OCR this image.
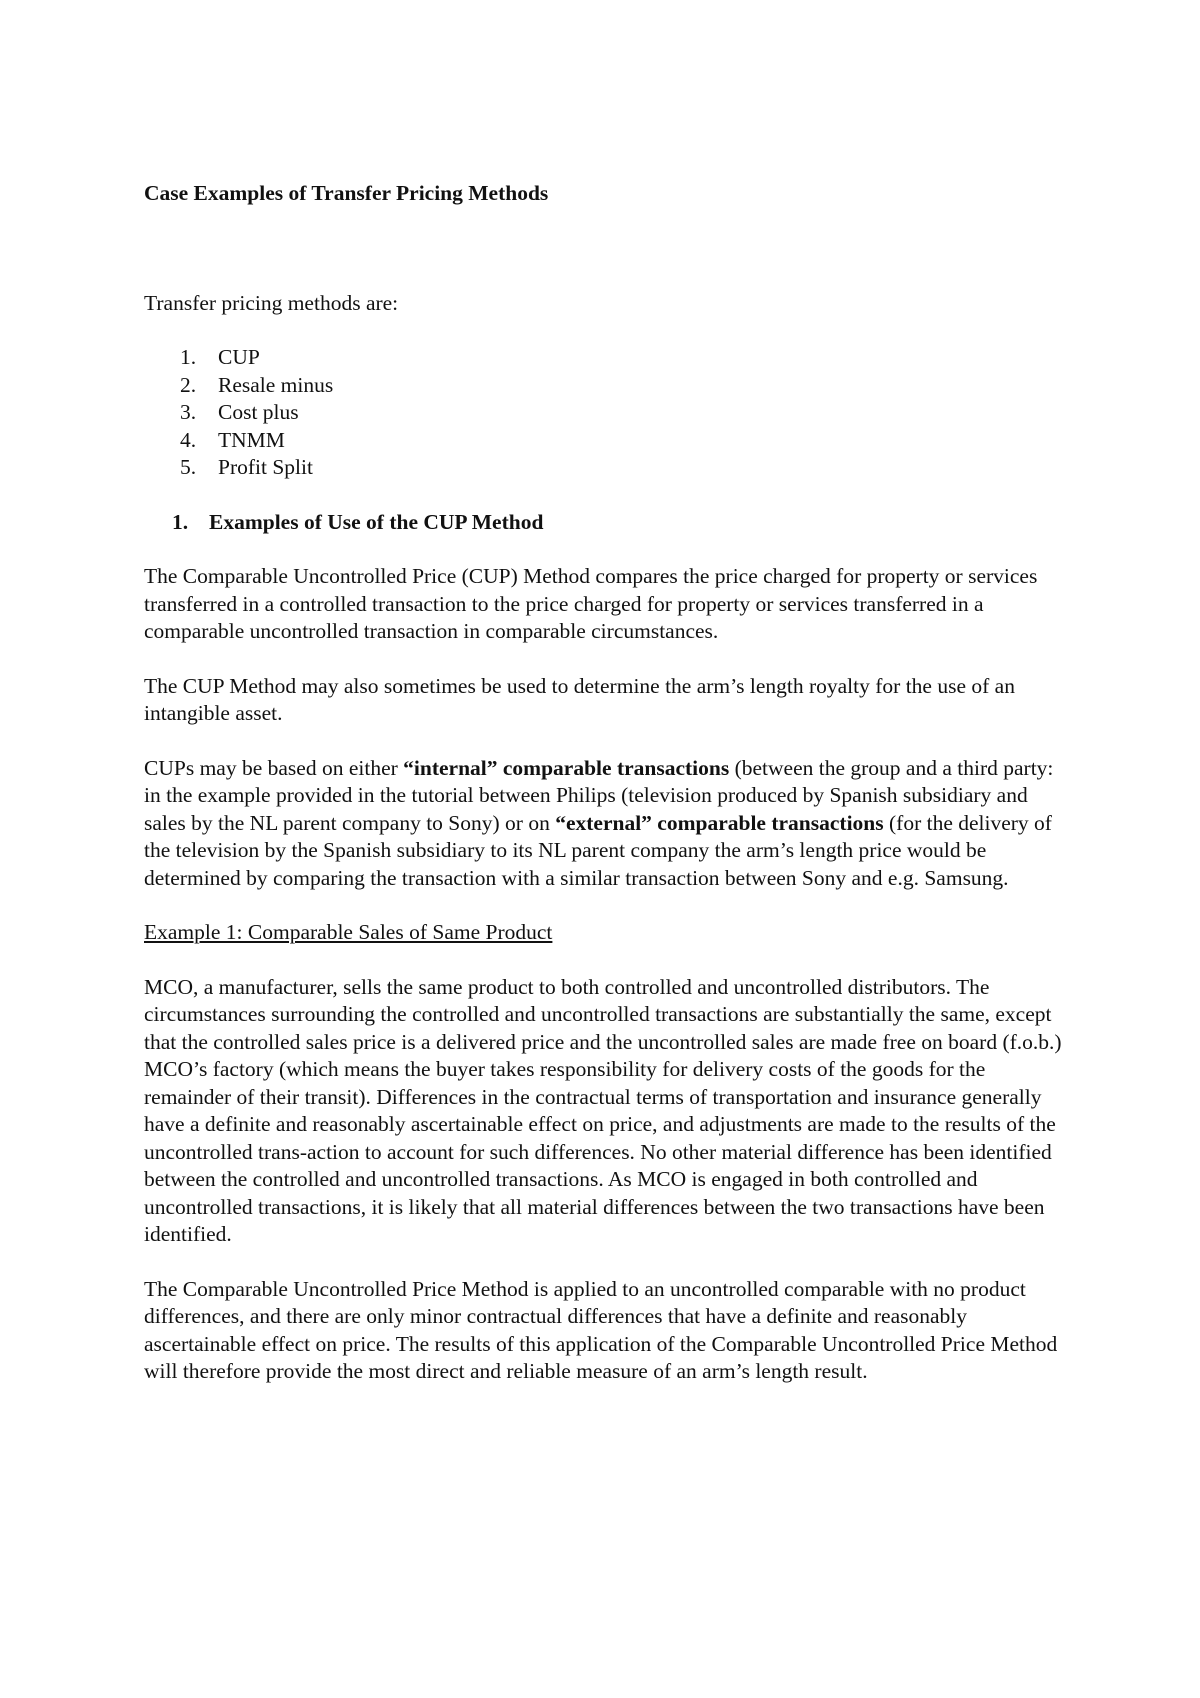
Case Examples of Transfer Pricing Methods

Transfer pricing methods are:

1. CUP
2. Resale minus
3. Cost plus
4. TNMM
5. Profit Split
1. Examples of Use of the CUP Method

The Comparable Uncontrolled Price (CUP) Method compares the price charged for property or services transferred in a controlled transaction to the price charged for property or services transferred in a comparable uncontrolled transaction in comparable circumstances.

The CUP Method may also sometimes be used to determine the arm’s length royalty for the use of an intangible asset.

CUPs may be based on either “internal” comparable transactions (between the group and a third party: in the example provided in the tutorial between Philips (television produced by Spanish subsidiary and sales by the NL parent company to Sony) or on “external” comparable transactions (for the delivery of the television by the Spanish subsidiary to its NL parent company the arm’s length price would be determined by comparing the transaction with a similar transaction between Sony and e.g. Samsung.

Example 1: Comparable Sales of Same Product

MCO, a manufacturer, sells the same product to both controlled and uncontrolled distributors. The circumstances surrounding the controlled and uncontrolled transactions are substantially the same, except that the controlled sales price is a delivered price and the uncontrolled sales are made free on board (f.o.b.) MCO’s factory (which means the buyer takes responsibility for delivery costs of the goods for the remainder of their transit). Differences in the contractual terms of transportation and insurance generally have a definite and reasonably ascertainable effect on price, and adjustments are made to the results of the uncontrolled trans-action to account for such differences. No other material difference has been identified between the controlled and uncontrolled transactions. As MCO is engaged in both controlled and uncontrolled transactions, it is likely that all material differences between the two transactions have been identified.

The Comparable Uncontrolled Price Method is applied to an uncontrolled comparable with no product differences, and there are only minor contractual differences that have a definite and reasonably ascertainable effect on price. The results of this application of the Comparable Uncontrolled Price Method will therefore provide the most direct and reliable measure of an arm’s length result.
